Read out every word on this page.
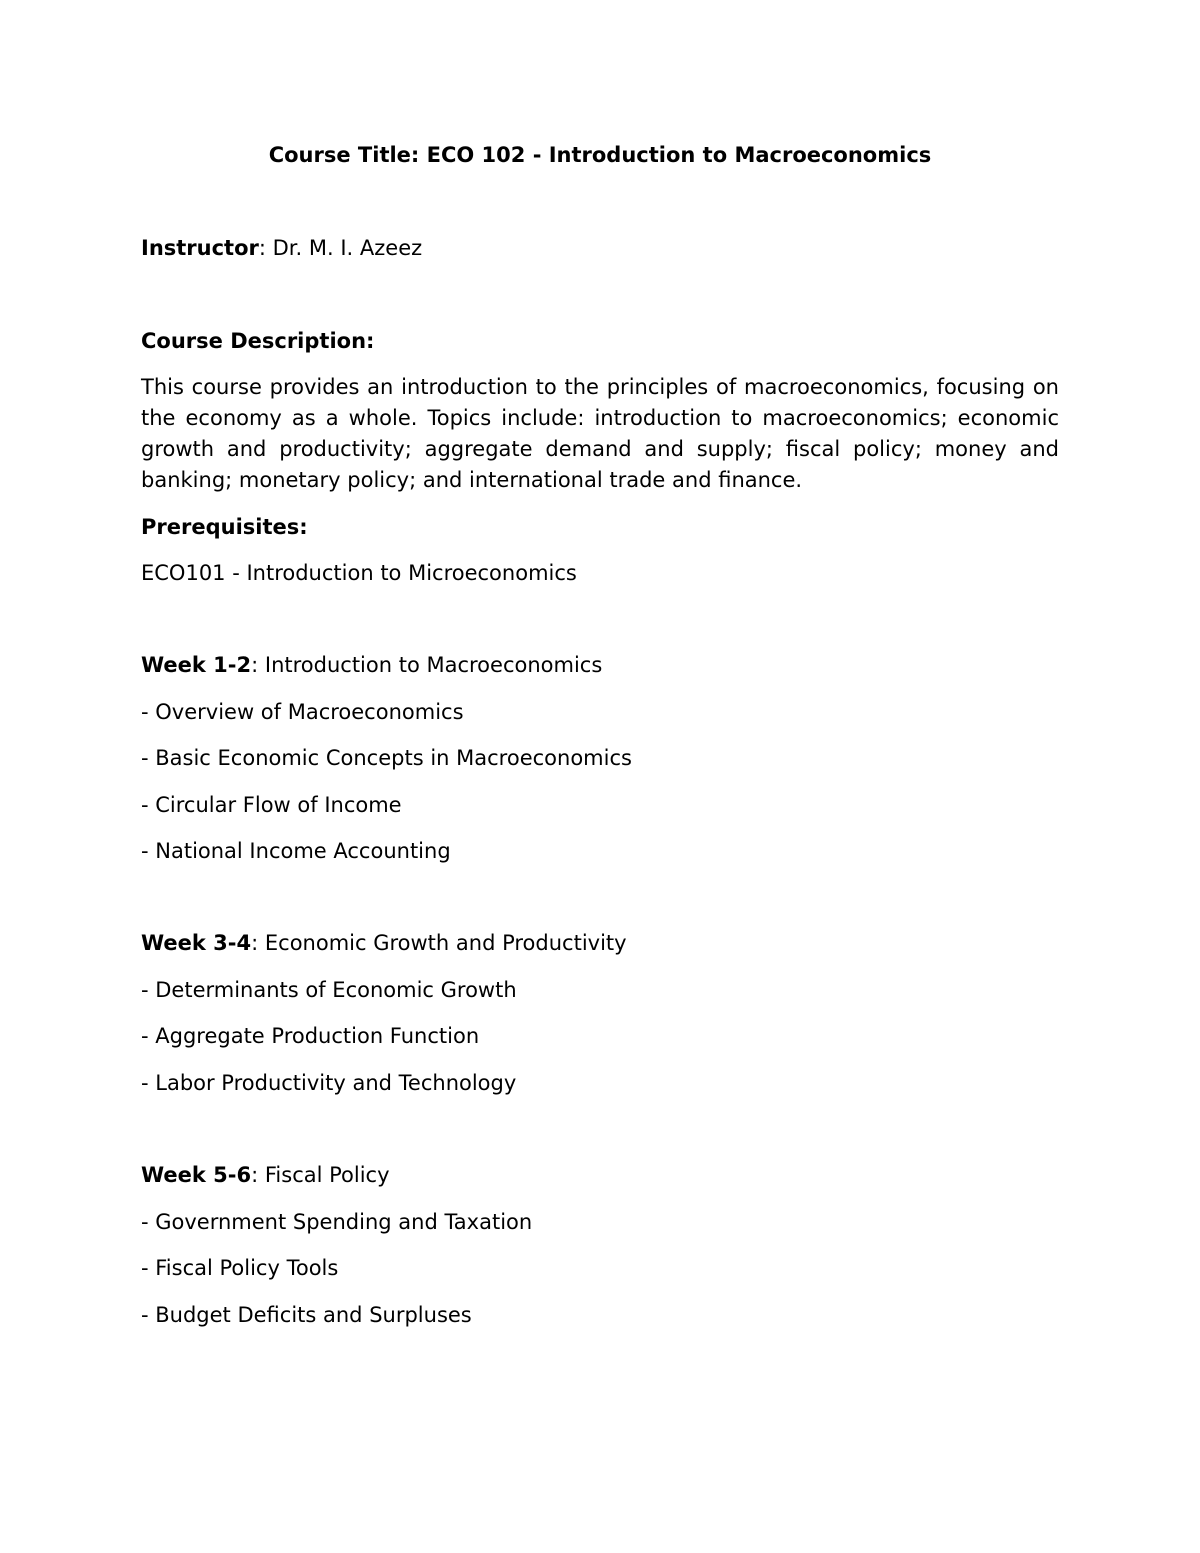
Course Title: ECO 102 - Introduction to Macroeconomics

Instructor: Dr. M. I. Azeez

Course Description:

This course provides an introduction to the principles of macroeconomics, focusing on the economy as a whole. Topics include: introduction to macroeconomics; economic growth and productivity; aggregate demand and supply; fiscal policy; money and banking; monetary policy; and international trade and finance.

Prerequisites:

ECO101 - Introduction to Microeconomics

Week 1-2: Introduction to Macroeconomics

- Overview of Macroeconomics
- Basic Economic Concepts in Macroeconomics
- Circular Flow of Income
- National Income Accounting

Week 3-4: Economic Growth and Productivity

- Determinants of Economic Growth
- Aggregate Production Function
- Labor Productivity and Technology

Week 5-6: Fiscal Policy

- Government Spending and Taxation
- Fiscal Policy Tools
- Budget Deficits and Surpluses
